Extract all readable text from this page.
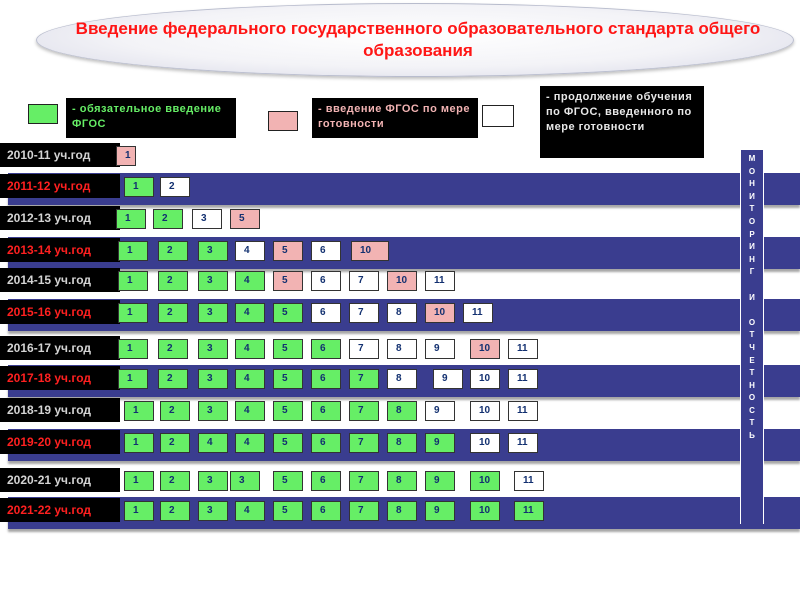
Введение федерального государственного образовательного стандарта общего образования
- обязательное введение ФГОС
- введение ФГОС по мере готовности
- продолжение обучения по ФГОС, введенного по мере готовности
2010-11 уч.год	1
2011-12 уч.год	1	2
2012-13 уч.год	1	2	3	5
2013-14 уч.год	1	2	3	4	5	6	10
2014-15 уч.год	1	2	3	4	5	6	7	10	11
2015-16 уч.год	1	2	3	4	5	6	7	8	10	11
2016-17 уч.год	1	2	3	4	5	6	7	8	9	10	11
2017-18 уч.год	1	2	3	4	5	6	7	8	9	10	11
2018-19 уч.год	1	2	3	4	5	6	7	8	9	10	11
2019-20 уч.год	1	2	4	4	5	6	7	8	9	10	11
2020-21 уч.год	1	2	3	3	5	6	7	8	9	10	11
2021-22 уч.год	1	2	3	4	5	6	7	8	9	10	11
М
О
Н
И
Т
О
Р
И
Н
Г

И

О
Т
Ч
Е
Т
Н
О
С
Т
Ь
